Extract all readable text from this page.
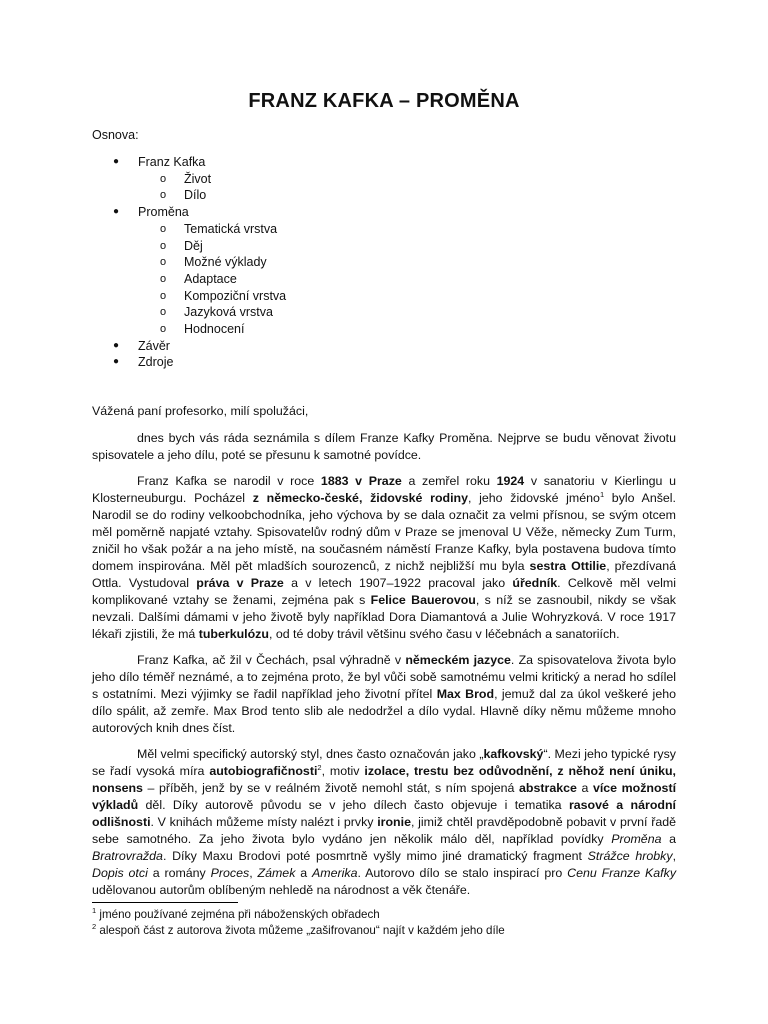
FRANZ KAFKA – PROMĚNA
Osnova:
● Franz Kafka
o Život
o Dílo
● Proměna
o Tematická vrstva
o Děj
o Možné výklady
o Adaptace
o Kompoziční vrstva
o Jazyková vrstva
o Hodnocení
● Závěr
● Zdroje
Vážená paní profesorko, milí spolužáci,

dnes bych vás ráda seznámila s dílem Franze Kafky Proměna. Nejprve se budu věnovat životu spisovatele a jeho dílu, poté se přesunu k samotné povídce.

Franz Kafka se narodil v roce 1883 v Praze a zemřel roku 1924 v sanatoriu v Kierlingu u Klosterneuburgu. Pocházel z německo-české, židovské rodiny, jeho židovské jméno$^1$ bylo Anšel. Narodil se do rodiny velkoobchodníka, jeho výchova by se dala označit za velmi přísnou, se svým otcem měl poměrně napjaté vztahy. Spisovatelův rodný dům v Praze se jmenoval U Věže, německy Zum Turm, zničil ho však požár a na jeho místě, na současném náměstí Franze Kafky, byla postavena budova tímto domem inspirována. Měl pět mladších sourozenců, z nichž nejbližší mu byla sestra Ottilie, přezdívaná Ottla. Vystudoval práva v Praze a v letech 1907–1922 pracoval jako úředník. Celkově měl velmi komplikované vztahy se ženami, zejména pak s Felice Bauerovou, s níž se zasnoubil, nikdy se však nevzali. Dalšími dámami v jeho životě byly například Dora Diamantová a Julie Wohryzková. V roce 1917 lékaři zjistili, že má tuberkulózu, od té doby trávil většinu svého času v léčebnách a sanatoriích.

Franz Kafka, ač žil v Čechách, psal výhradně v německém jazyce. Za spisovatelova života bylo jeho dílo téměř neznámé, a to zejména proto, že byl vůči sobě samotnému velmi kritický a nerad ho sdílel s ostatními. Mezi výjimky se řadil například jeho životní přítel Max Brod, jemuž dal za úkol veškeré jeho dílo spálit, až zemře. Max Brod tento slib ale nedodržel a dílo vydal. Hlavně díky němu můžeme mnoho autorových knih dnes číst.

Měl velmi specifický autorský styl, dnes často označován jako „kafkovský“. Mezi jeho typické rysy se řadí vysoká míra autobiografičnosti$^2$, motiv izolace, trestu bez odůvodnění, z něhož není úniku, nonsens – příběh, jenž by se v reálném životě nemohl stát, s ním spojená abstrakce a více možností výkladů děl. Díky autorově původu se v jeho dílech často objevuje i tematika rasové a národní odlišnosti. V knihách můžeme místy nalézt i prvky ironie, jimiž chtěl pravděpodobně pobavit v první řadě sebe samotného. Za jeho života bylo vydáno jen několik málo děl, například povídky Proměna a Bratrovražda. Díky Maxu Brodovi poté posmrtně vyšly mimo jiné dramatický fragment Strážce hrobky, Dopis otci a romány Proces, Zámek a Amerika. Autorovo dílo se stalo inspirací pro Cenu Franze Kafky udělovanou autorům oblíbeným nehledě na národnost a věk čtenáře.

$^1$ jméno používané zejména při náboženských obřadech
$^2$ alespoň část z autorova života můžeme „zašifrovanou“ najít v každém jeho díle
